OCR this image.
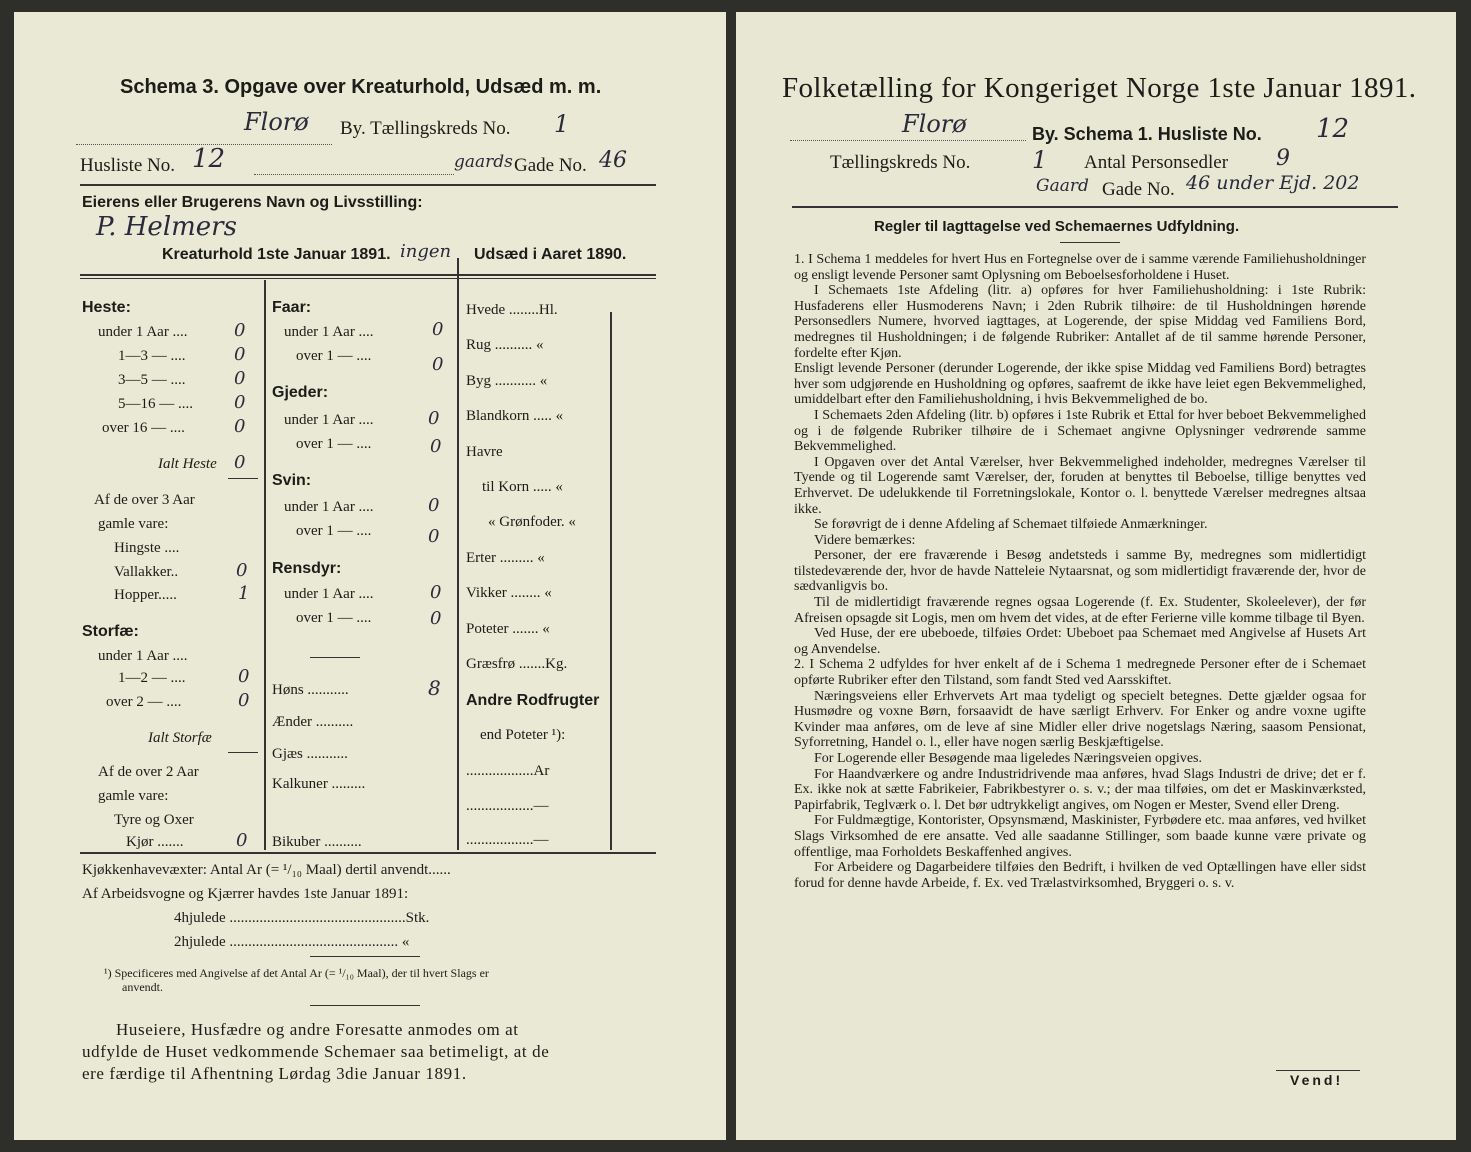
Schema 3. Opgave over Kreaturhold, Udsæd m. m.
Florø By. Tællingskreds No. 1
Husliste No. 12	gaards Gade No. 46
Eierens eller Brugerens Navn og Livsstilling:
P. Helmers
Kreaturhold 1ste Januar 1891. ingen Udsæd i Aaret 1890.
Heste:
under 1 Aar ....	0
1—3 — ....	0
3—5 — ....	0
5—16 — .... 0
over 16 — ....	0
Ialt Heste 0
Af de over 3 Aar
gamle vare:
Hingste ....
Vallakker..	0
Hopper.....	1
Storfæ:
under 1 Aar ....
1—2 — ....	0
over 2 — ....	0
Ialt Storfæ
Af de over 2 Aar
gamle vare:
Tyre og Oxer
Kjør .......	0
Faar:
under 1 Aar ....	0
over 1 — ....	0
Gjeder:
under 1 Aar ....	0
over 1 — ....	0
Svin:
under 1 Aar ....	0
over 1 — ....	0
Rensdyr:
under 1 Aar ....	0
over 1 — ....	0
Høns ...........	8
Ænder ..........
Gjæs ...........
Kalkuner .........
Bikuber ..........
Hvede ........Hl.
Rug .......... «
Byg ........... «
Blandkorn ..... «
Havre
til Korn ..... «
« Grønfoder. «
Erter ......... «
Vikker ........ «
Poteter ....... «
Græsfrø .......Kg.
Andre Rodfrugter
end Poteter ¹):
..................Ar
..................—
..................—
Kjøkkenhavevæxter: Antal Ar (= ¹/₁₀ Maal) dertil anvendt......
Af Arbeidsvogne og Kjærrer havdes 1ste Januar 1891:
4hjulede ...............................................Stk.
2hjulede ............................................. «
¹) Specificeres med Angivelse af det Antal Ar (= ¹/₁₀ Maal), der til hvert Slags er
anvendt.
Huseiere, Husfædre og andre Foresatte anmodes om at
udfylde de Huset vedkommende Schemaer saa betimeligt, at de
ere færdige til Afhentning Lørdag 3die Januar 1891.
Folketælling for Kongeriget Norge 1ste Januar 1891.
Florø	By. Schema 1. Husliste No. 12
Tællingskreds No.	1 Antal Personsedler 9
Gaard Gade No. 46 under Ejd. 202
Regler til Iagttagelse ved Schemaernes Udfyldning.

1. I Schema 1 meddeles for hvert Hus en Fortegnelse over de i samme værende Familiehusholdninger og ensligt levende Personer samt Oplysning om Beboelsesforholdene i Huset.

I Schemaets 1ste Afdeling (litr. a) opføres for hver Familiehusholdning: i 1ste Rubrik: Husfaderens eller Husmoderens Navn; i 2den Rubrik tilhøire: de til Husholdningen hørende Personsedlers Numere, hvorved iagttages, at Logerende, der spise Middag ved Familiens Bord, medregnes til Husholdningen; i de følgende Rubriker: Antallet af de til samme hørende Personer, fordelte efter Kjøn.

Ensligt levende Personer (derunder Logerende, der ikke spise Middag ved Familiens Bord) betragtes hver som udgjørende en Husholdning og opføres, saafremt de ikke have leiet egen Bekvemmelighed, umiddelbart efter den Familiehusholdning, i hvis Bekvemmelighed de bo.

I Schemaets 2den Afdeling (litr. b) opføres i 1ste Rubrik et Ettal for hver beboet Bekvemmelighed og i de følgende Rubriker tilhøire de i Schemaet angivne Oplysninger vedrørende samme Bekvemmelighed.

I Opgaven over det Antal Værelser, hver Bekvemmelighed indeholder, medregnes Værelser til Tyende og til Logerende samt Værelser, der, foruden at benyttes til Beboelse, tillige benyttes ved Erhvervet. De udelukkende til Forretningslokale, Kontor o. l. benyttede Værelser medregnes altsaa ikke.

Se forøvrigt de i denne Afdeling af Schemaet tilføiede Anmærkninger.

Videre bemærkes:

Personer, der ere fraværende i Besøg andetsteds i samme By, medregnes som midlertidigt tilstedeværende der, hvor de havde Natteleie Nytaarsnat, og som midlertidigt fraværende der, hvor de sædvanligvis bo.

Til de midlertidigt fraværende regnes ogsaa Logerende (f. Ex. Studenter, Skoleelever), der før Afreisen opsagde sit Logis, men om hvem det vides, at de efter Ferierne ville komme tilbage til Byen.

Ved Huse, der ere ubeboede, tilføies Ordet: Ubeboet paa Schemaet med Angivelse af Husets Art og Anvendelse.

2. I Schema 2 udfyldes for hver enkelt af de i Schema 1 medregnede Personer efter de i Schemaet opførte Rubriker efter den Tilstand, som fandt Sted ved Aarsskiftet.

Næringsveiens eller Erhvervets Art maa tydeligt og specielt betegnes. Dette gjælder ogsaa for Husmødre og voxne Børn, forsaavidt de have særligt Erhverv. For Enker og andre voxne ugifte Kvinder maa anføres, om de leve af sine Midler eller drive nogetslags Næring, saasom Pensionat, Syforretning, Handel o. l., eller have nogen særlig Beskjæftigelse.

For Logerende eller Besøgende maa ligeledes Næringsveien opgives.

For Haandværkere og andre Industridrivende maa anføres, hvad Slags Industri de drive; det er f. Ex. ikke nok at sætte Fabrikeier, Fabrikbestyrer o. s. v.; der maa tilføies, om det er Maskinværksted, Papirfabrik, Teglværk o. l. Det bør udtrykkeligt angives, om Nogen er Mester, Svend eller Dreng.

For Fuldmægtige, Kontorister, Opsynsmænd, Maskinister, Fyrbødere etc. maa anføres, ved hvilket Slags Virksomhed de ere ansatte. Ved alle saadanne Stillinger, som baade kunne være private og offentlige, maa Forholdets Beskaffenhed angives.

For Arbeidere og Dagarbeidere tilføies den Bedrift, i hvilken de ved Optællingen have eller sidst forud for denne havde Arbeide, f. Ex. ved Trælastvirksomhed, Bryggeri o. s. v.

Vend!
